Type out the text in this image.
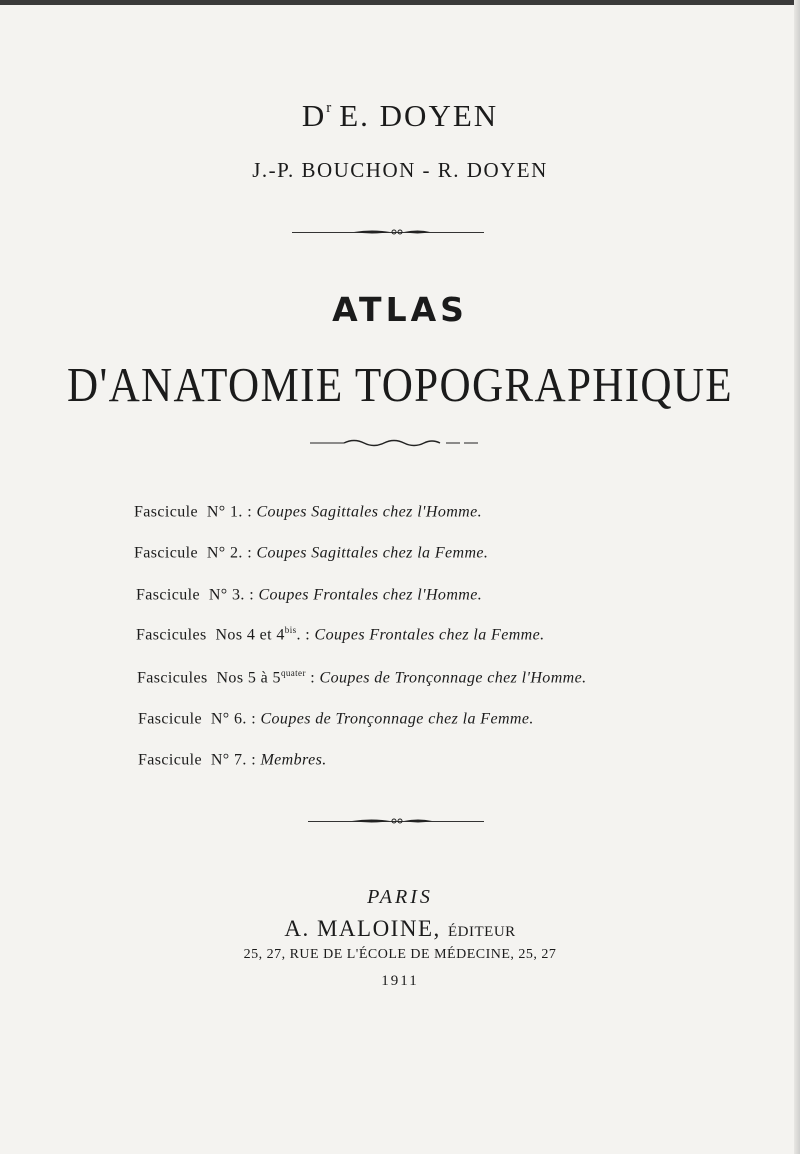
$D^r$ E. DOYEN
J.-P. BOUCHON - R. DOYEN
ATLAS
D'ANATOMIE TOPOGRAPHIQUE
Fascicule N° 1. : Coupes Sagittales chez l'Homme.
Fascicule N° 2. : Coupes Sagittales chez la Femme.
Fascicule N° 3. : Coupes Frontales chez l'Homme.
Fascicules Nos 4 et $4^{bis}$. : Coupes Frontales chez la Femme.
Fascicules Nos 5 à $5^{quater}$ : Coupes de Tronçonnage chez l'Homme.
Fascicule N° 6. : Coupes de Tronçonnage chez la Femme.
Fascicule N° 7. : Membres.
PARIS
A. MALOINE, ÉDITEUR
25, 27, RUE DE L'ÉCOLE DE MÉDECINE, 25, 27
1911
